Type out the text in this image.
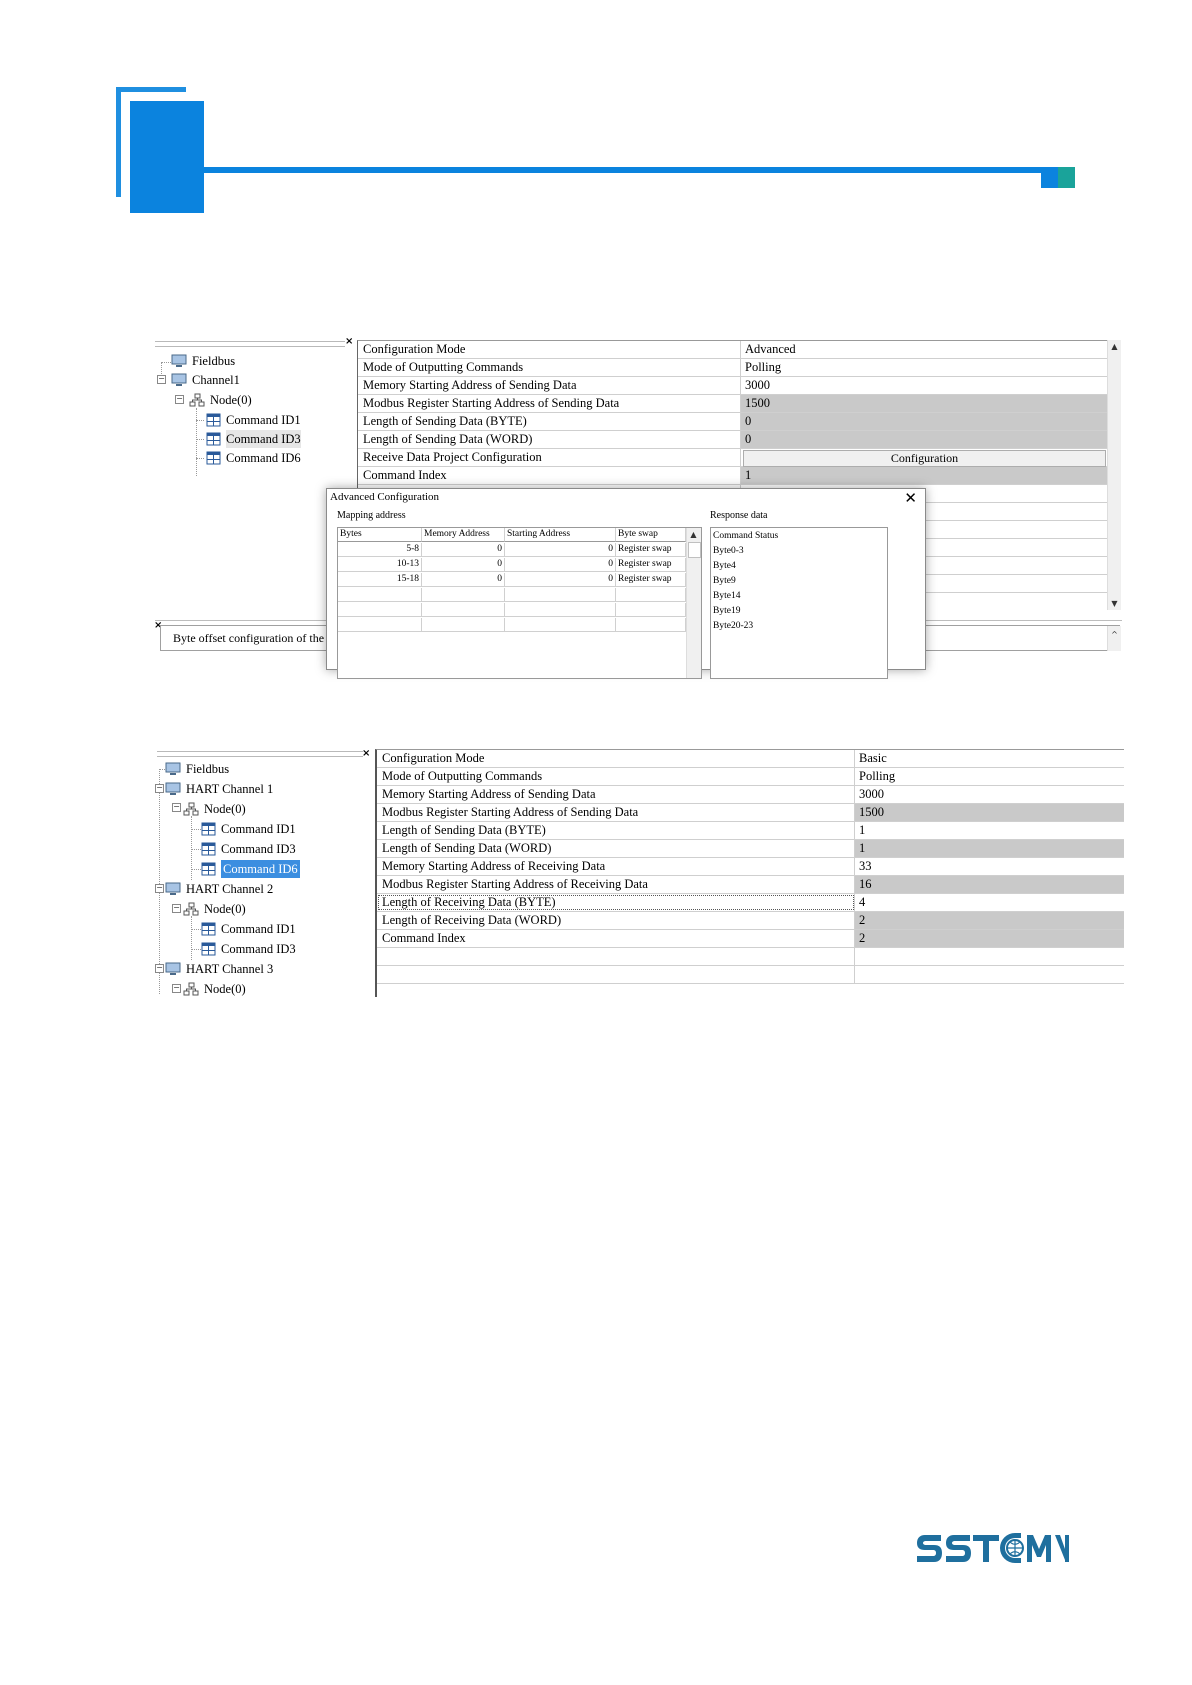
×
Fieldbus
− Channel1
− Node(0)
Command ID1
Command ID3
Command ID6
Configuration Mode	Advanced
Mode of Outputting Commands	Polling
Memory Starting Address of Sending Data	3000
Modbus Register Starting Address of Sending Data	1500
Length of Sending Data (BYTE)	0
Length of Sending Data (WORD)	0
Receive Data Project Configuration	Configuration
Command Index	1
▲
▼
×
Byte offset configuration of the	^
Advanced Configuration	✕
Mapping address	Response data
Bytes	Memory Address	Starting Address	Byte swap
5-8	0	0 Register swap
10-13	0	0 Register swap
15-18	0	0 Register swap
▲	Command Status
Byte0-3
Byte4
Byte9
Byte14
Byte19
Byte20-23
×
Fieldbus
− HART Channel 1
− Node(0)
Command ID1
Command ID3
Command ID6
− HART Channel 2
− Node(0)
Command ID1
Command ID3
− HART Channel 3
− Node(0)
Configuration Mode	Basic
Mode of Outputting Commands	Polling
Memory Starting Address of Sending Data	3000
Modbus Register Starting Address of Sending Data	1500
Length of Sending Data (BYTE)	1
Length of Sending Data (WORD)	1
Memory Starting Address of Receiving Data	33
Modbus Register Starting Address of Receiving Data	16
Length of Receiving Data (BYTE)	4
Length of Receiving Data (WORD)	2
Command Index	2
